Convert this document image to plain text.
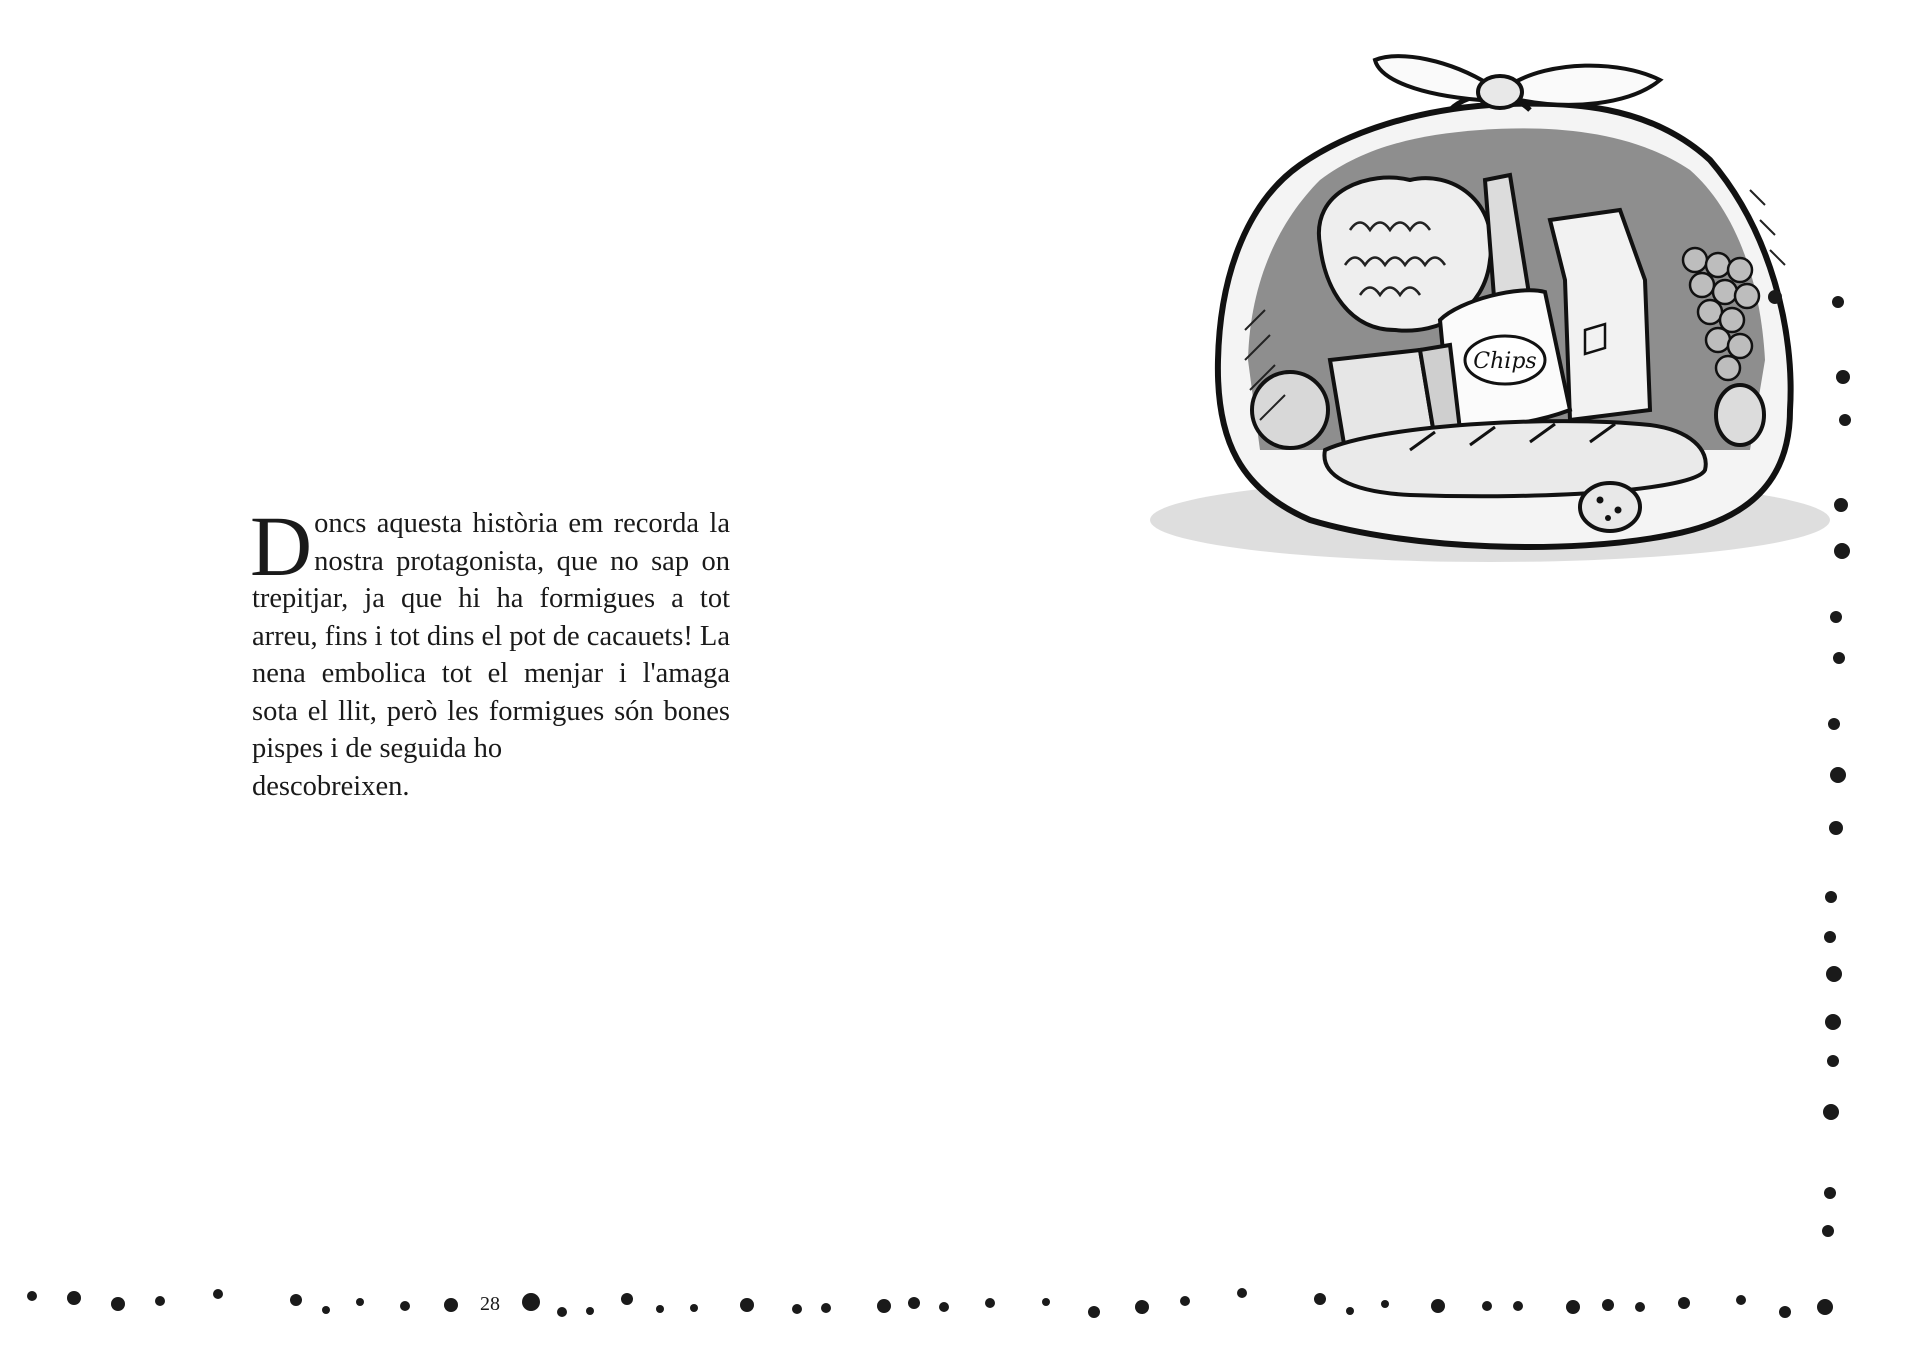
Chips
Doncs aquesta història em recorda la nostra protagonista, que no sap on trepitjar, ja que hi ha formigues a tot arreu, fins i tot dins el pot de cacauets! La nena embolica tot el menjar i l'amaga sota el llit, però les formigues són bones pispes i de seguida ho
descobreixen.
28
